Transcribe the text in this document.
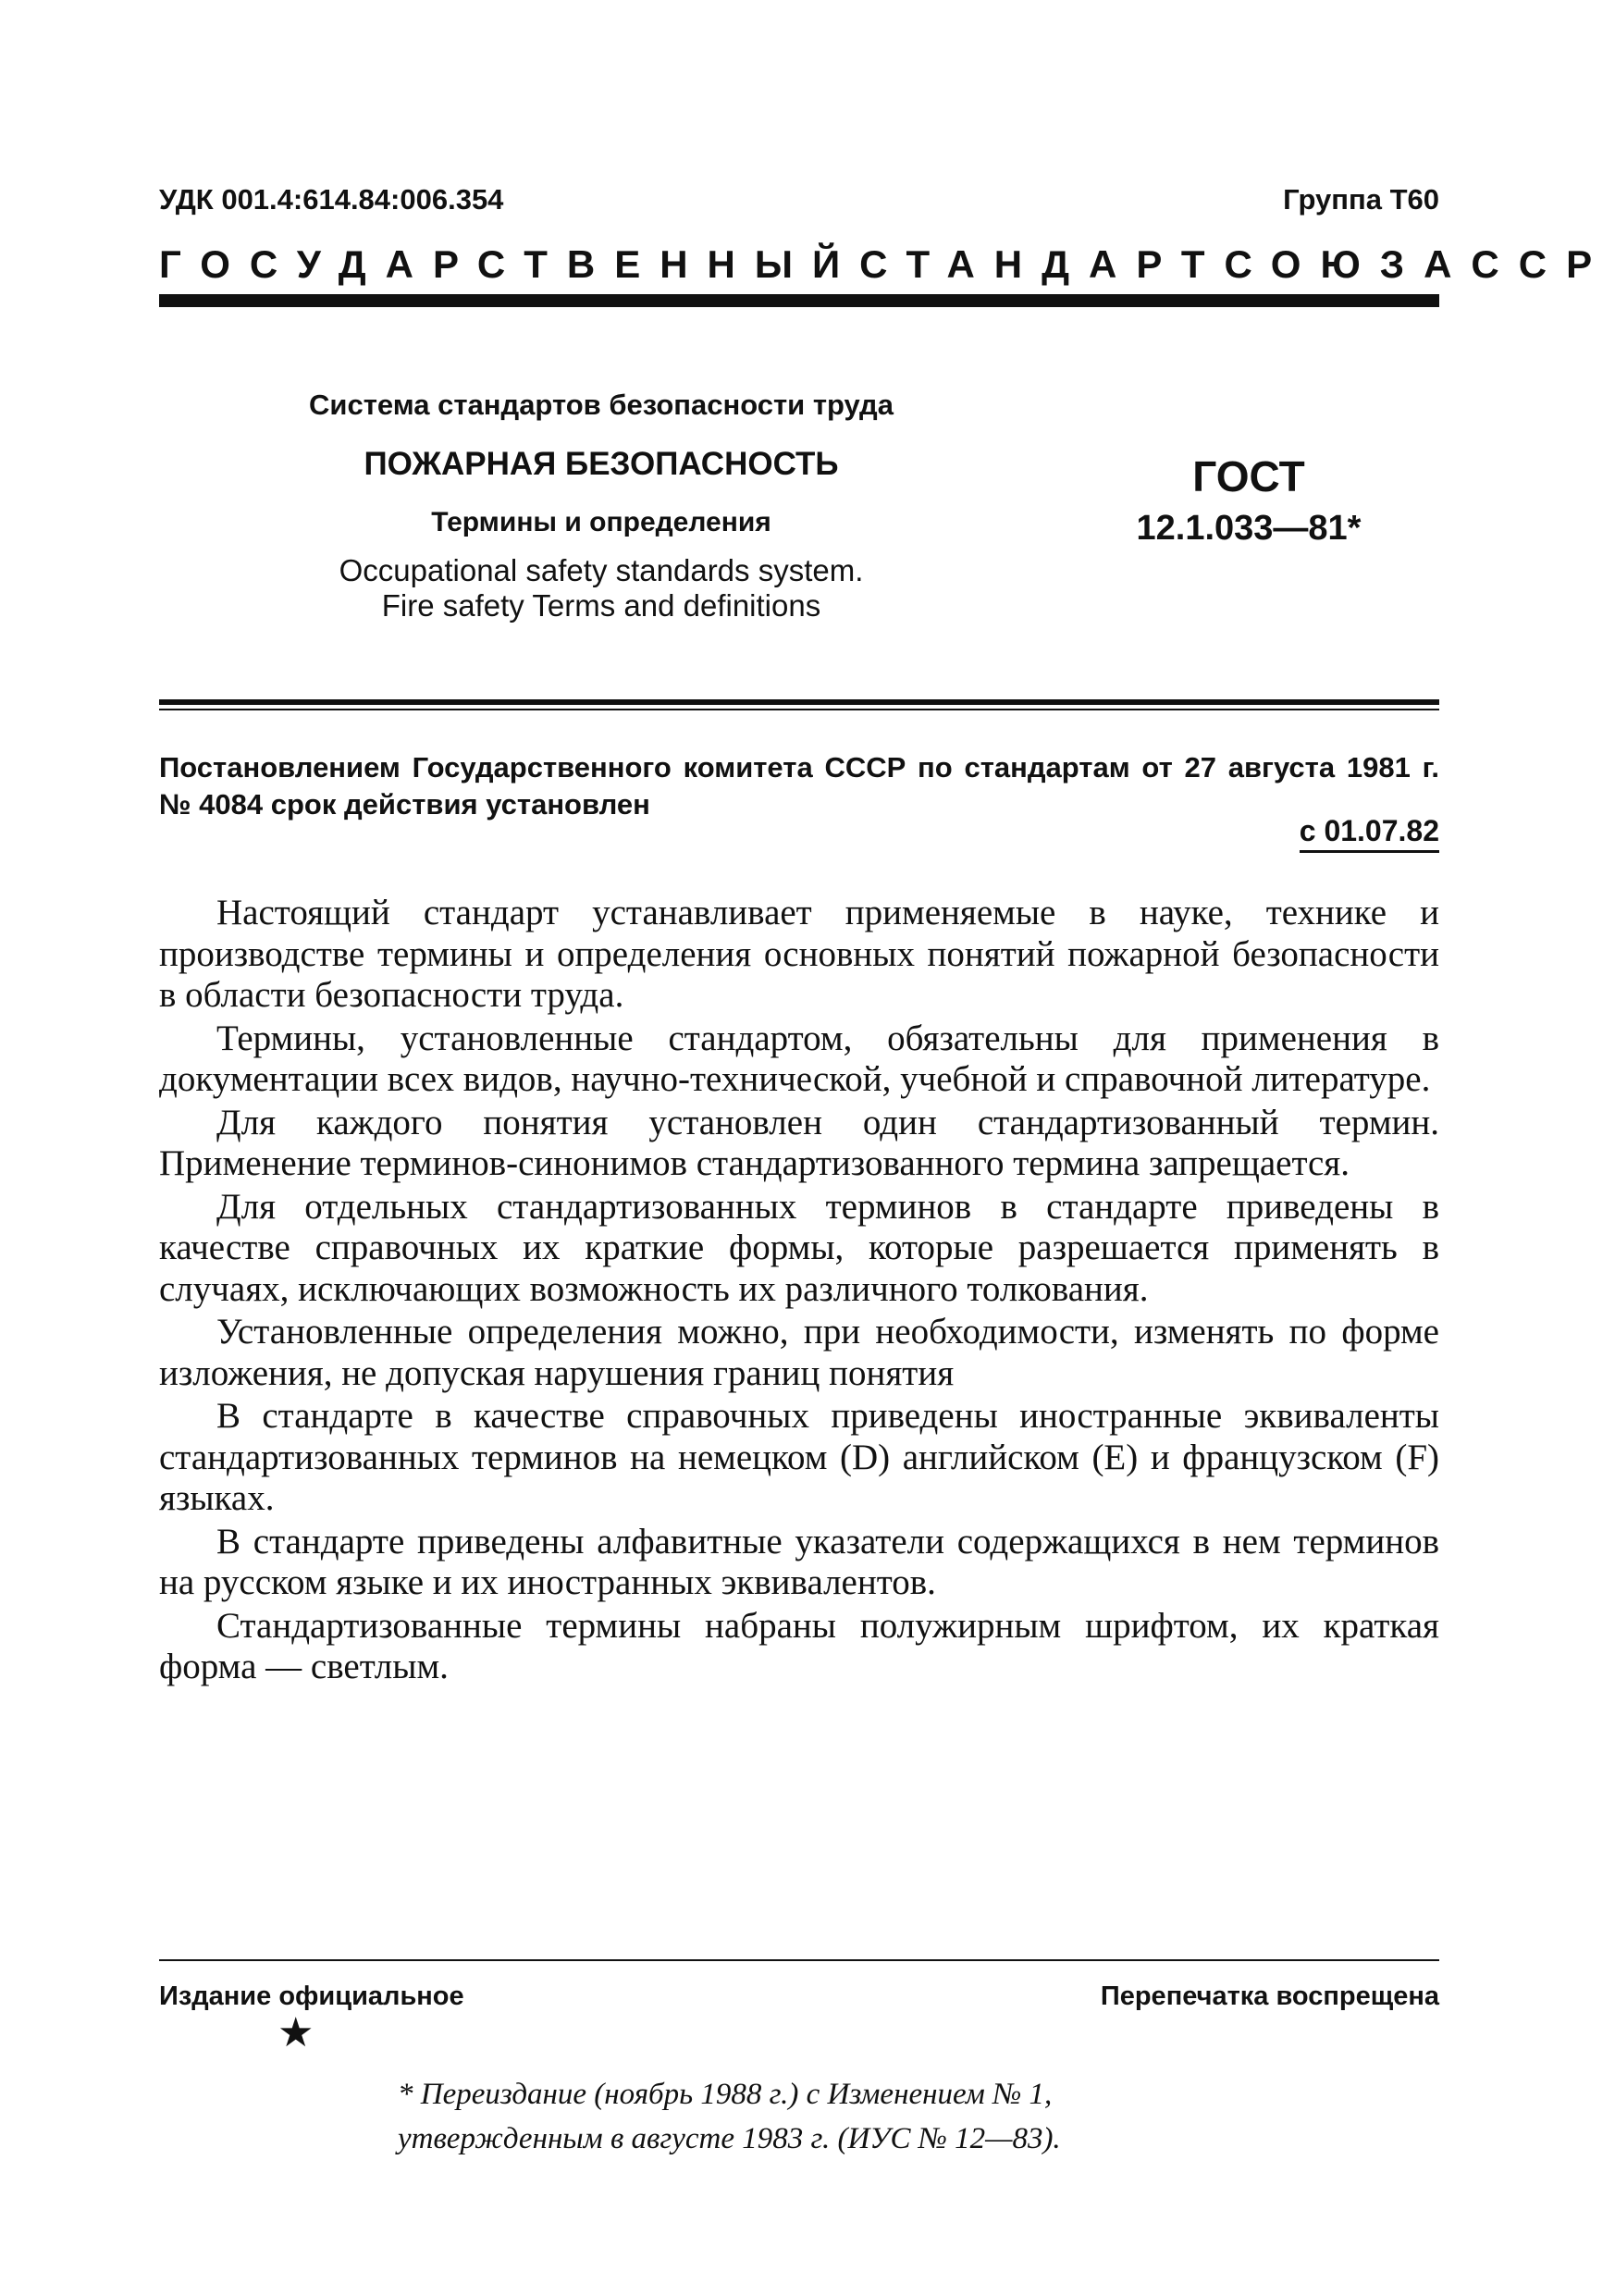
УДК 001.4:614.84:006.354	Группа Т60
ГОСУДАРСТВЕННЫЙ СТАНДАРТ СОЮЗА ССР
Система стандартов безопасности труда
ПОЖАРНАЯ БЕЗОПАСНОСТЬ
Термины и определения
Occupational safety standards system.
Fire safety Terms and definitions
ГОСТ
12.1.033—81*
Постановлением Государственного комитета СССР по стандартам от 27 августа 1981 г. № 4084 срок действия установлен
с 01.07.82

Настоящий стандарт устанавливает применяемые в науке, технике и производстве термины и определения основных понятий пожарной безопасности в области безопасности труда.

Термины, установленные стандартом, обязательны для применения в документации всех видов, научно-технической, учебной и справочной литературе.

Для каждого понятия установлен один стандартизованный термин. Применение терминов-синонимов стандартизованного термина запрещается.

Для отдельных стандартизованных терминов в стандарте приведены в качестве справочных их краткие формы, которые разрешается применять в случаях, исключающих возможность их различного толкования.

Установленные определения можно, при необходимости, изменять по форме изложения, не допуская нарушения границ понятия

В стандарте в качестве справочных приведены иностранные эквиваленты стандартизованных терминов на немецком (D) английском (E) и французском (F) языках.

В стандарте приведены алфавитные указатели содержащихся в нем терминов на русском языке и их иностранных эквивалентов.

Стандартизованные термины набраны полужирным шрифтом, их краткая форма — светлым.

Издание официальное
★
Перепечатка воспрещена
* Переиздание (ноябрь 1988 г.) с Изменением № 1,
утвержденным в августе 1983 г. (ИУС № 12—83).
